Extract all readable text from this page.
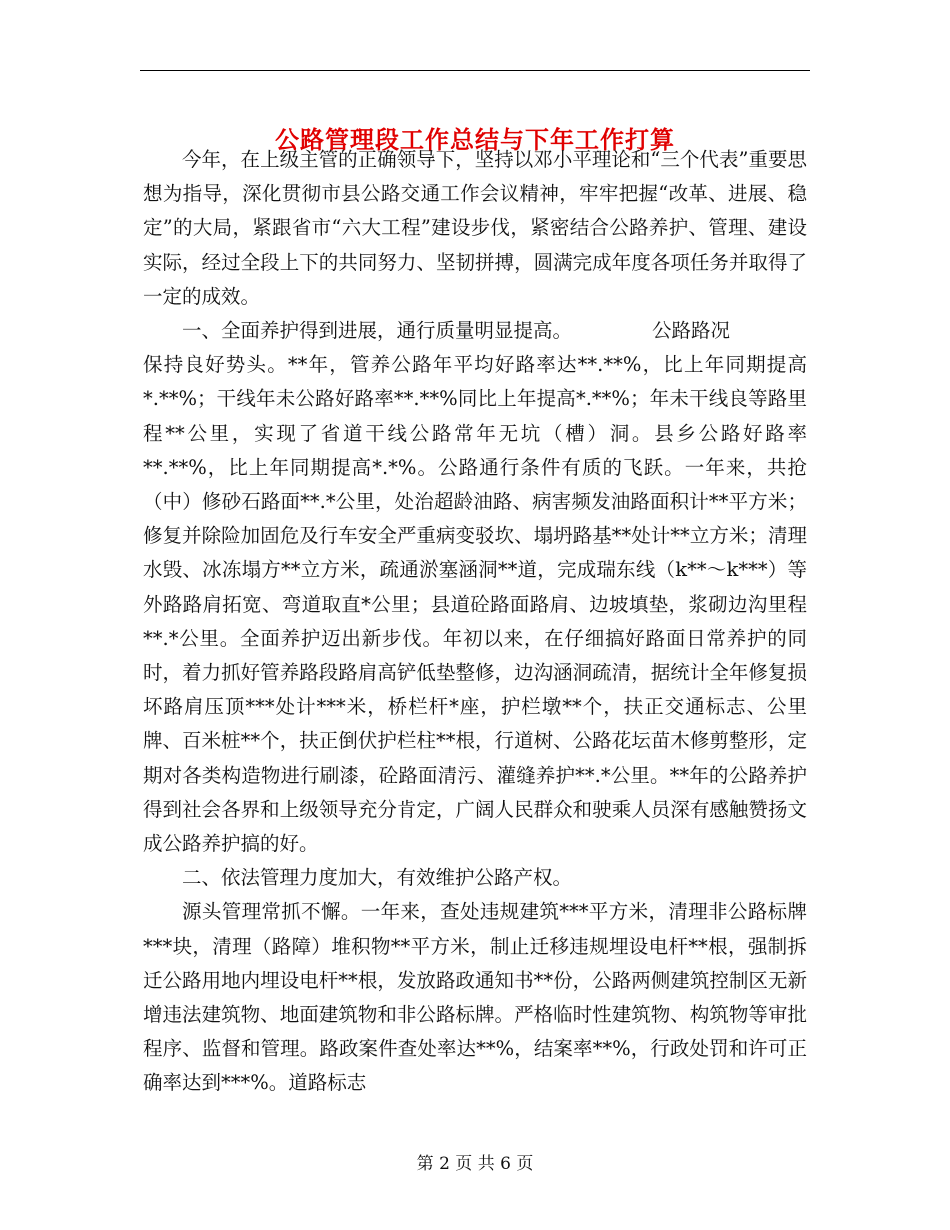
公路管理段工作总结与下年工作打算

今年，在上级主管的正确领导下，坚持以邓小平理论和“三个代表”重要思想为指导，深化贯彻市县公路交通工作会议精神，牢牢把握“改革、进展、稳定”的大局，紧跟省市“六大工程”建设步伐，紧密结合公路养护、管理、建设实际，经过全段上下的共同努力、坚韧拼搏，圆满完成年度各项任务并取得了一定的成效。

一、全面养护得到进展，通行质量明显提高。	公路路况

保持良好势头。**年，管养公路年平均好路率达**.**%，比上年同期提高*.**%；干线年未公路好路率**.**%同比上年提高*.**%；年未干线良等路里程**公里，实现了省道干线公路常年无坑（槽）洞。县乡公路好路率**.**%，比上年同期提高*.*%。公路通行条件有质的飞跃。一年来，共抢（中）修砂石路面**.*公里，处治超龄油路、病害频发油路面积计**平方米；修复并除险加固危及行车安全严重病变驳坎、塌坍路基**处计**立方米；清理水毁、冰冻塌方**立方米，疏通淤塞涵洞**道，完成瑞东线（k**～k***）等外路路肩拓宽、弯道取直*公里；县道砼路面路肩、边坡填垫，浆砌边沟里程**.*公里。全面养护迈出新步伐。年初以来，在仔细搞好路面日常养护的同时，着力抓好管养路段路肩高铲低垫整修，边沟涵洞疏清，据统计全年修复损坏路肩压顶***处计***米，桥栏杆*座，护栏墩**个，扶正交通标志、公里牌、百米桩**个，扶正倒伏护栏柱**根，行道树、公路花坛苗木修剪整形，定期对各类构造物进行刷漆，砼路面清污、灌缝养护**.*公里。**年的公路养护得到社会各界和上级领导充分肯定，广阔人民群众和驶乘人员深有感触赞扬文成公路养护搞的好。

二、依法管理力度加大，有效维护公路产权。

源头管理常抓不懈。一年来，查处违规建筑***平方米，清理非公路标牌***块，清理（路障）堆积物**平方米，制止迁移违规埋设电杆**根，强制拆迁公路用地内埋设电杆**根，发放路政通知书**份，公路两侧建筑控制区无新增违法建筑物、地面建筑物和非公路标牌。严格临时性建筑物、构筑物等审批程序、监督和管理。路政案件查处率达**%，结案率**%，行政处罚和许可正确率达到***%。道路标志

第 2 页 共 6 页
